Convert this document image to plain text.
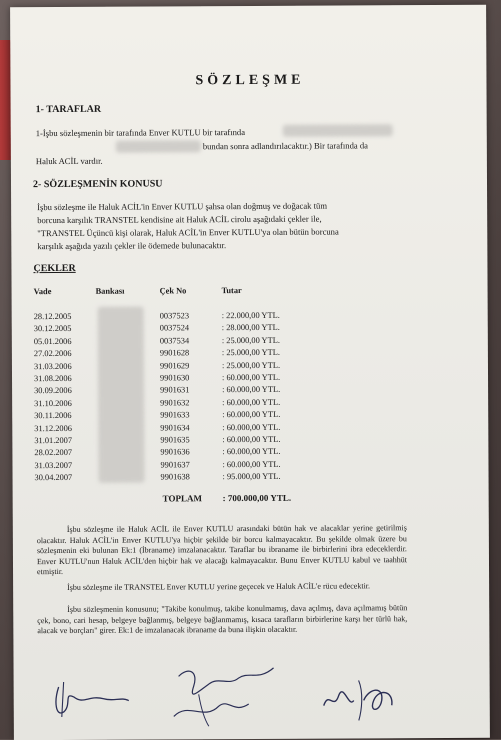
SÖZLEŞME
1- TARAFLAR
1-İşbu sözleşmenin bir tarafında Enver KUTLU bir tarafında
bundan sonra adlandırılacaktır.) Bir tarafında da
Haluk ACİL vardır.
2- SÖZLEŞMENİN KONUSU
İşbu sözleşme ile Haluk ACİL'in Enver KUTLU şahsa olan doğmuş ve doğacak tüm
borcuna karşılık TRANSTEL kendisine ait Haluk ACİL cirolu aşağıdaki çekler ile,
"TRANSTEL Üçüncü kişi olarak, Haluk ACİL'in Enver KUTLU'ya olan bütün borcuna
karşılık aşağıda yazılı çekler ile ödemede bulunacaktır.
ÇEKLER
Vade	Bankası	Çek No	Tutar
28.12.2005	0037523	: 22.000,00 YTL.
30.12.2005	0037524	: 28.000,00 YTL.
05.01.2006	0037534	: 25.000,00 YTL.
27.02.2006	9901628	: 25.000,00 YTL.
31.03.2006	9901629	: 25.000,00 YTL.
31.08.2006	9901630	: 60.000,00 YTL.
30.09.2006	9901631	: 60.000,00 YTL.
31.10.2006	9901632	: 60.000,00 YTL.
30.11.2006	9901633	: 60.000,00 YTL.
31.12.2006	9901634	: 60.000,00 YTL.
31.01.2007	9901635	: 60.000,00 YTL.
28.02.2007	9901636	: 60.000,00 YTL.
31.03.2007	9901637	: 60.000,00 YTL.
30.04.2007	9901638	: 95.000,00 YTL.
TOPLAM : 700.000,00 YTL.
İşbu sözleşme ile Haluk ACİL ile Enver KUTLU arasındaki bütün hak ve alacaklar yerine getirilmiş olacaktır. Haluk ACİL'in Enver KUTLU'ya hiçbir şekilde bir borcu kalmayacaktır. Bu şekilde olmak üzere bu sözleşmenin eki bulunan Ek:1 (İbraname) imzalanacaktır. Taraflar bu ibraname ile birbirlerini ibra edeceklerdir. Enver KUTLU'nun Haluk ACİL'den hiçbir hak ve alacağı kalmayacaktır. Bunu Enver KUTLU kabul ve taahhüt etmiştir.
İşbu sözleşme ile TRANSTEL Enver KUTLU yerine geçecek ve Haluk ACİL'e rücu edecektir.
İşbu sözleşmenin konusunu; "Takibe konulmuş, takibe konulmamış, dava açılmış, dava açılmamış bütün çek, bono, cari hesap, belgeye bağlanmış, belgeye bağlanmamış, kısaca tarafların birbirlerine karşı her türlü hak, alacak ve borçları" girer. Ek:1 de imzalanacak ibraname da buna ilişkin olacaktır.
